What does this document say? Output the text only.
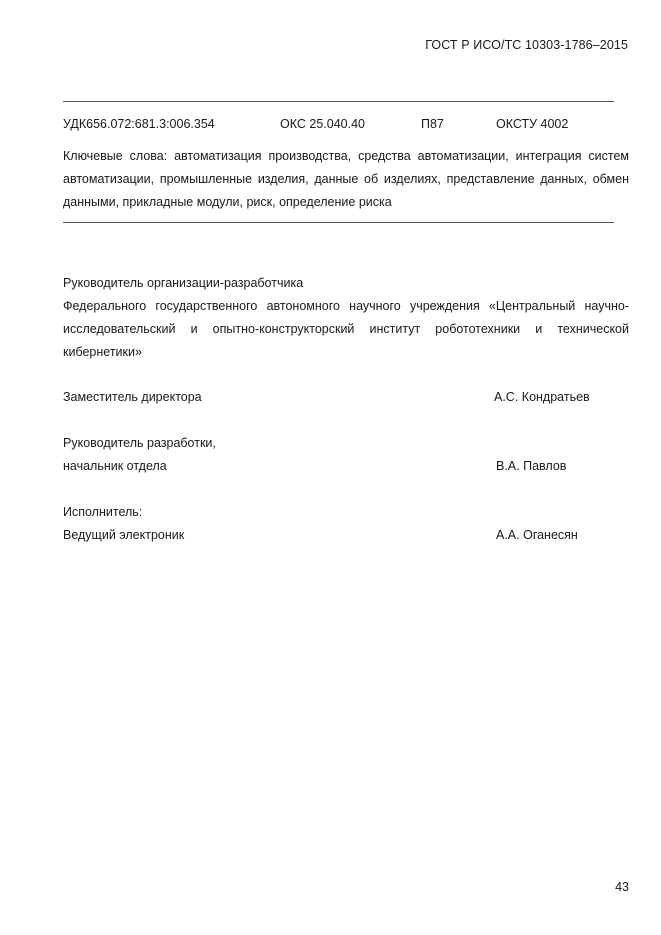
ГОСТ Р ИСО/ТС 10303-1786–2015
УДК656.072:681.3:006.354	ОКС 25.040.40	П87	ОКСТУ 4002
Ключевые слова: автоматизация производства, средства автоматизации, интеграция систем автоматизации, промышленные изделия, данные об изделиях, представление данных, обмен данными, прикладные модули, риск, определение риска
Руководитель организации-разработчика
Федерального государственного автономного научного учреждения «Центральный научно-исследовательский и опытно-конструкторский институт робототехники и технической кибернетики»
Заместитель директора	А.С. Кондратьев
Руководитель разработки,
начальник отдела	В.А. Павлов
Исполнитель:
Ведущий электроник	А.А. Оганесян
43
